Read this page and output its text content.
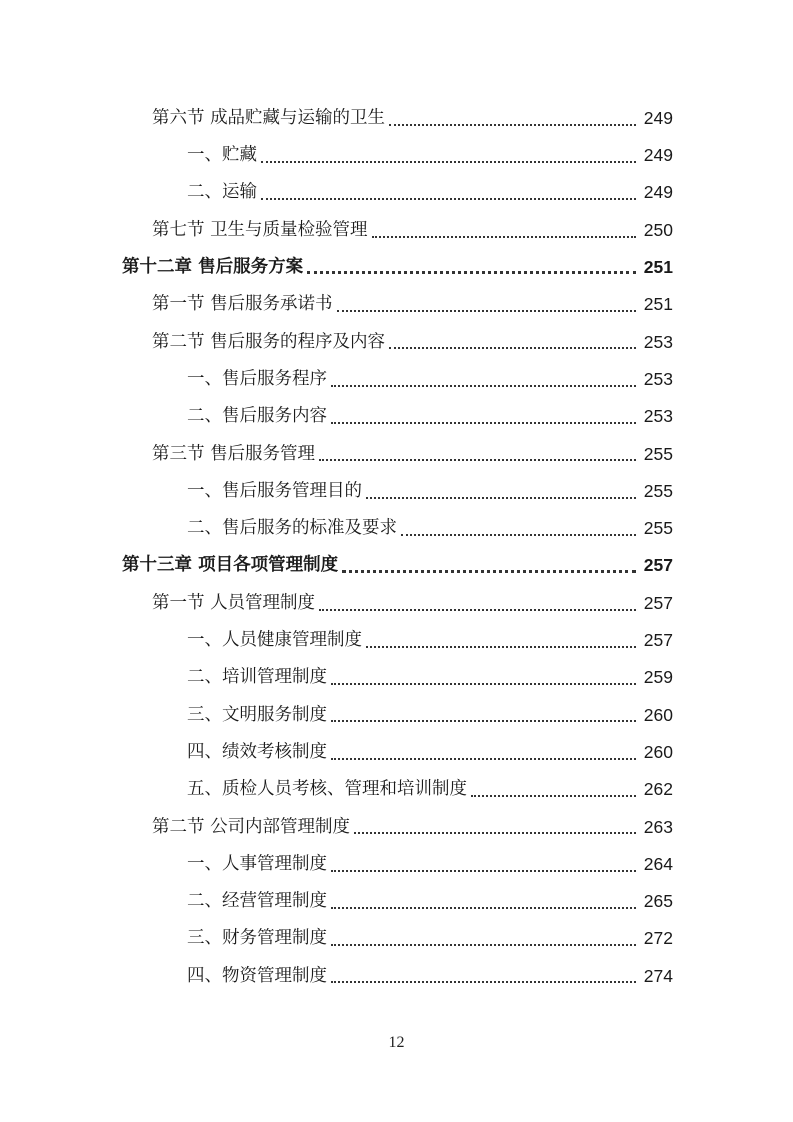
第六节 成品贮藏与运输的卫生	249
一、贮藏	249
二、运输	249
第七节 卫生与质量检验管理	250
第十二章 售后服务方案	251
第一节 售后服务承诺书	251
第二节 售后服务的程序及内容	253
一、售后服务程序	253
二、售后服务内容	253
第三节 售后服务管理	255
一、售后服务管理目的	255
二、售后服务的标准及要求	255
第十三章 项目各项管理制度	257
第一节 人员管理制度	257
一、人员健康管理制度	257
二、培训管理制度	259
三、文明服务制度	260
四、绩效考核制度	260
五、质检人员考核、管理和培训制度	262
第二节 公司内部管理制度	263
一、人事管理制度	264
二、经营管理制度	265
三、财务管理制度	272
四、物资管理制度	274
12
